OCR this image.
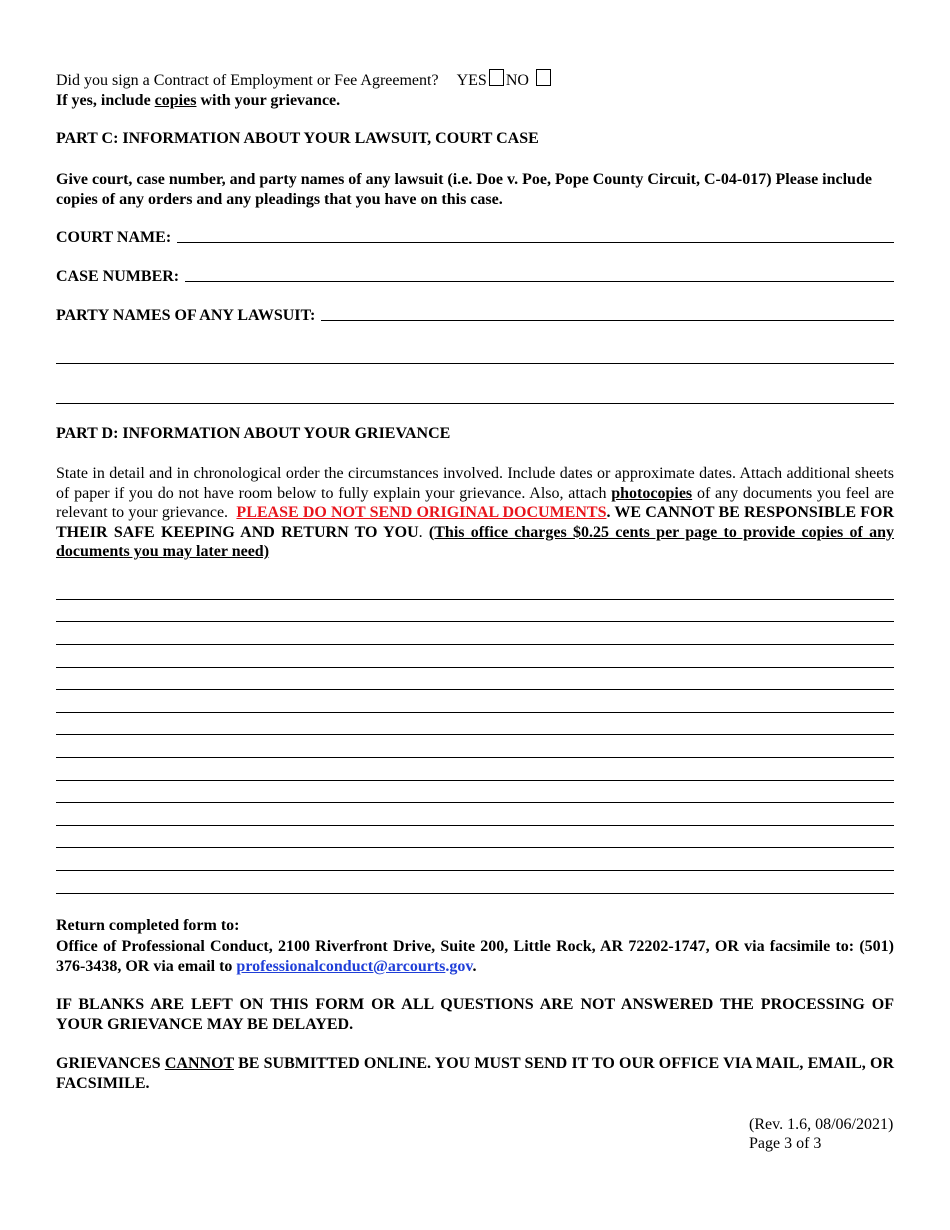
Did you sign a Contract of Employment or Fee Agreement? YES NO
If yes, include copies with your grievance.
PART C: INFORMATION ABOUT YOUR LAWSUIT, COURT CASE

Give court, case number, and party names of any lawsuit (i.e. Doe v. Poe, Pope County Circuit, C-04-017) Please include copies of any orders and any pleadings that you have on this case.

COURT NAME:
CASE NUMBER:
PARTY NAMES OF ANY LAWSUIT:
PART D: INFORMATION ABOUT YOUR GRIEVANCE

State in detail and in chronological order the circumstances involved. Include dates or approximate dates. Attach additional sheets of paper if you do not have room below to fully explain your grievance. Also, attach photocopies of any documents you feel are relevant to your grievance. PLEASE DO NOT SEND ORIGINAL DOCUMENTS. WE CANNOT BE RESPONSIBLE FOR THEIR SAFE KEEPING AND RETURN TO YOU. (This office charges $0.25 cents per page to provide copies of any documents you may later need)

Return completed form to:

Office of Professional Conduct, 2100 Riverfront Drive, Suite 200, Little Rock, AR 72202-1747, OR via facsimile to: (501) 376-3438, OR via email to professionalconduct@arcourts.gov.

IF BLANKS ARE LEFT ON THIS FORM OR ALL QUESTIONS ARE NOT ANSWERED THE PROCESSING OF YOUR GRIEVANCE MAY BE DELAYED.

GRIEVANCES CANNOT BE SUBMITTED ONLINE. YOU MUST SEND IT TO OUR OFFICE VIA MAIL, EMAIL, OR FACSIMILE.

(Rev. 1.6, 08/06/2021)
Page 3 of 3
